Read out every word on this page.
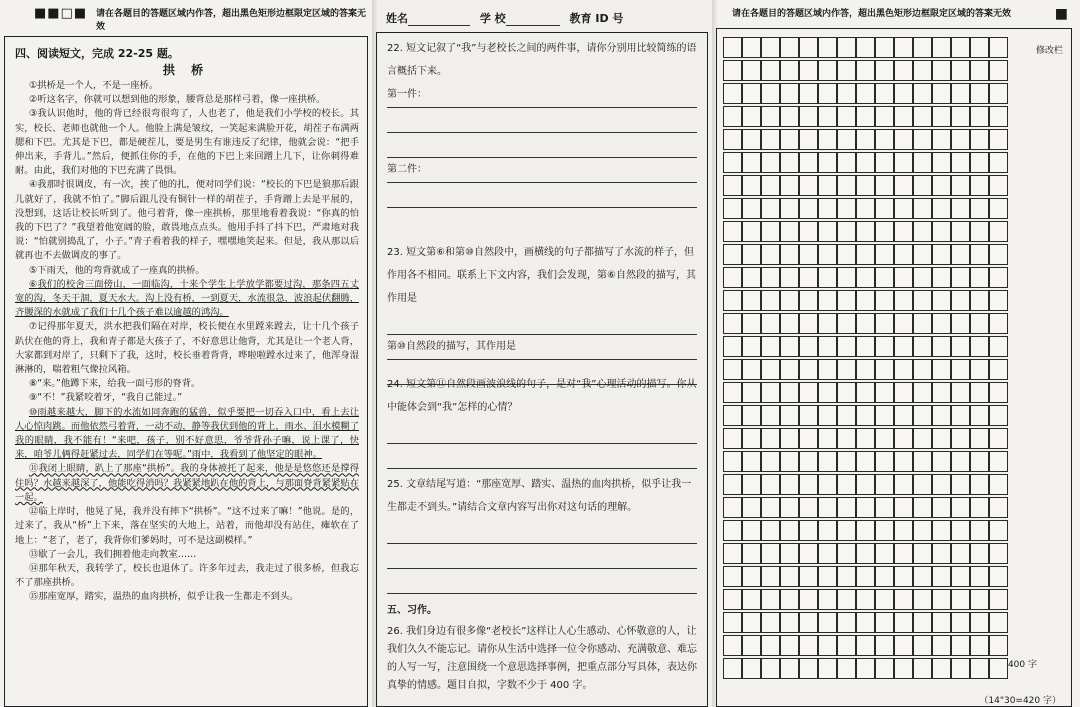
■■□■ 请在各题目的答题区域内作答，超出黑色矩形边框限定区域的答案无效
四、阅读短文，完成 22-25 题。
拱 桥

①拱桥是一个人，不是一座桥。

②听这名字，你就可以想到他的形象，腰背总是那样弓着，像一座拱桥。

③我认识他时，他的背已经很弯很弯了，人也老了，他是我们小学校的校长。其实，校长、老师也就他一个人。他脸上满是皱纹，一笑起来满脸开花，胡茬子布满两腮和下巴。尤其是下巴，都是硬茬儿，要是男生有谁违反了纪律，他就会说：“把手伸出来，手背儿。”然后，便抓住你的手，在他的下巴上来回蹭上几下，让你刺得难耐。由此，我们对他的下巴充满了畏惧。

④我那时很调皮，有一次，挨了他的扎，便对同学们说：“校长的下巴是狼那后跟儿就好了，我就不怕了。”脚后跟儿没有铜针一样的胡茬子，手背蹭上去是平展的，没想到，这话让校长听到了。他弓着背，像一座拱桥，那里地看着我说：“你真的怕我的下巴了？”我望着他宽阔的脸，敢畏地点点头。他用手抖了抖下巴，严肃地对我说：“怕就别捣乱了，小子。”青子看着我的样子，嘿嘿地笑起来。但是，我从那以后就再也不去做调皮的事了。

⑤下雨天，他的弯背就成了一座真的拱桥。

⑥我们的校舍三面傍山，一面临沟，十来个学生上学放学都要过沟，那条四五丈宽的沟，冬天干涸，夏天水大。沟上没有桥，一到夏天，水流很急，波浪起伏翻腾，齐腰深的水就成了我们十几个孩子难以逾越的鸿沟。

⑦记得那年夏天，洪水把我们隔在对岸，校长便在水里蹚来蹚去，让十几个孩子趴伏在他的背上，我和青子都是大孩子了，不好意思让他背，尤其是让一个老人背，大家都到对岸了，只剩下了我，这时，校长垂着背背，哗啦啦蹚水过来了，他浑身湿淋淋的，喘着粗气像拉风箱。

⑧“来。”他蹲下来，给我一面弓形的脊背。

⑨“不！”我紧咬着牙，“我自己能过。”

⑩雨越来越大，脚下的水流如同奔跑的猛兽，似乎要把一切吞入口中，看上去让人心惊肉跳。而他依然弓着背，一动不动，静等我伏到他的背上，雨水、泪水模糊了我的眼睛，我不能有！“来吧，孩子，别不好意思，爷爷背孙子嘛，说上课了，快来，咱爷儿俩得赶紧过去，同学们在等呢。”雨中，我看到了他坚定的眼神。

⑪我闭上眼睛，趴上了那座“拱桥”。我的身体被托了起来，他是是悠悠还是撑得住吗？水越来越深了，他能吃得消吗？我紧紧地趴在他的背上，与那面脊背紧紧贴在一起。

⑫临上岸时，他晃了晃，我并没有摔下“拱桥”。“这不过来了嘛！”他说。是的，过来了，我从“桥”上下来，落在坚实的大地上，站着，而他却没有站住，瘫软在了地上：“老了，老了，我背你们爹妈时，可不是这副模样。”

⑬歇了一会儿，我们拥着他走向教室……

⑭那年秋天，我转学了，校长也退休了。许多年过去，我走过了很多桥，但我忘不了那座拱桥。

⑮那座宽厚，踏实，温热的血肉拱桥，似乎让我一生都走不到头。

姓名	学 校	教育 ID 号
22. 短文记叙了“我”与老校长之间的两件事，请你分别用比较简练的语言概括下来。
第一件：
第二件：
23. 短文第⑥和第⑩自然段中，画横线的句子都描写了水流的样子，但作用各不相同。联系上下文内容，我们会发现，第⑥自然段的描写，其作用是
第⑩自然段的描写，其作用是
24. 短文第⑪自然段画波浪线的句子，是对“我”心理活动的描写。你从中能体会到“我”怎样的心情？
25. 文章结尾写道：“那座宽厚、踏实、温热的血肉拱桥，似乎让我一生都走不到头。”请结合文章内容写出你对这句话的理解。
五、习作。
26. 我们身边有很多像“老校长”这样让人心生感动、心怀敬意的人，让我们久久不能忘记。请你从生活中选择一位令你感动、充满敬意、难忘的人写一写，注意围绕一个意思选择事例，把重点部分写具体，表达你真挚的情感。题目自拟，字数不少于 400 字。
请在各题目的答题区域内作答，超出黑色矩形边框限定区域的答案无效	■
修改栏
400 字
（14"30=420 字）
